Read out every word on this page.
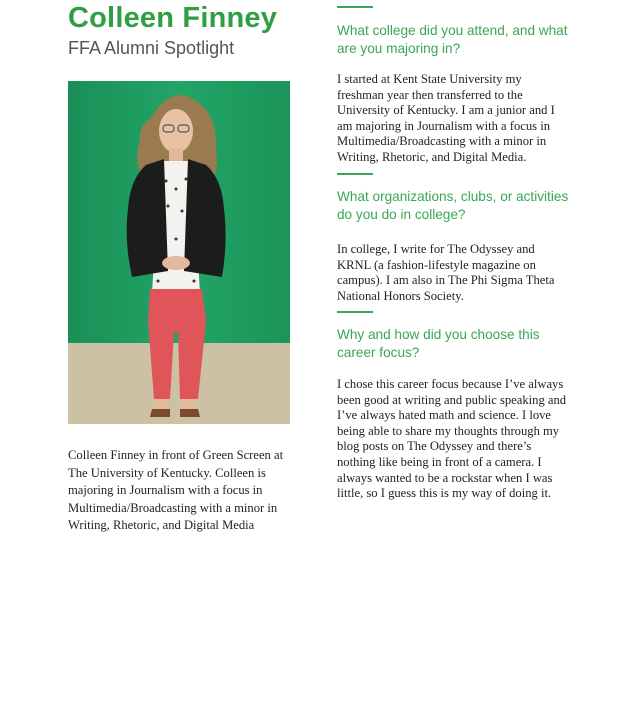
Colleen Finney

FFA Alumni Spotlight

Colleen Finney in front of Green Screen at The University of Kentucky. Colleen is majoring in Journalism with a focus in Multimedia/Broadcasting with a minor in Writing, Rhetoric, and Digital Media

What college did you attend, and what are you majoring in?

I started at Kent State University my freshman year then transferred to the University of Kentucky. I am a junior and I am majoring in Journalism with a focus in Multimedia/Broadcasting with a minor in Writing, Rhetoric, and Digital Media.

What organizations, clubs, or activities do you do in college?

In college, I write for The Odyssey and KRNL (a fashion-lifestyle magazine on campus). I am also in The Phi Sigma Theta National Honors Society.

Why and how did you choose this career focus?

I chose this career focus because I’ve always been good at writing and public speaking and I’ve always hated math and science. I love being able to share my thoughts through my blog posts on The Odyssey and there’s nothing like being in front of a camera. I always wanted to be a rockstar when I was little, so I guess this is my way of doing it.
